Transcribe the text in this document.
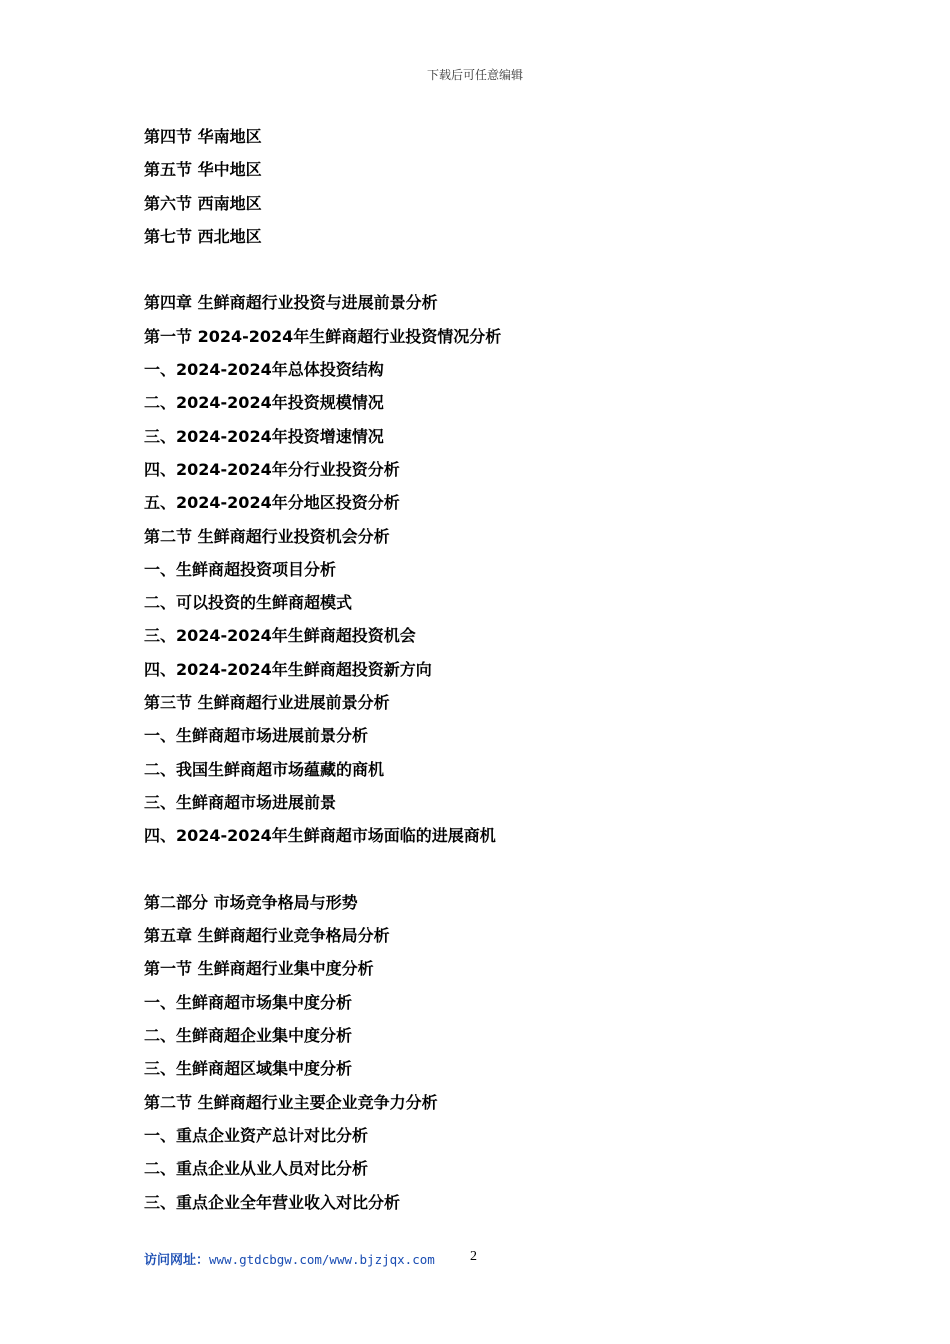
下载后可任意编辑
第四节 华南地区
第五节 华中地区
第六节 西南地区
第七节 西北地区
第四章 生鲜商超行业投资与进展前景分析
第一节 2024-2024年生鲜商超行业投资情况分析
一、2024-2024年总体投资结构
二、2024-2024年投资规模情况
三、2024-2024年投资增速情况
四、2024-2024年分行业投资分析
五、2024-2024年分地区投资分析
第二节 生鲜商超行业投资机会分析
一、生鲜商超投资项目分析
二、可以投资的生鲜商超模式
三、2024-2024年生鲜商超投资机会
四、2024-2024年生鲜商超投资新方向
第三节 生鲜商超行业进展前景分析
一、生鲜商超市场进展前景分析
二、我国生鲜商超市场蕴藏的商机
三、生鲜商超市场进展前景
四、2024-2024年生鲜商超市场面临的进展商机
第二部分 市场竞争格局与形势
第五章 生鲜商超行业竞争格局分析
第一节 生鲜商超行业集中度分析
一、生鲜商超市场集中度分析
二、生鲜商超企业集中度分析
三、生鲜商超区域集中度分析
第二节 生鲜商超行业主要企业竞争力分析
一、重点企业资产总计对比分析
二、重点企业从业人员对比分析
三、重点企业全年营业收入对比分析
访问网址：www.gtdcbgw.com/www.bjzjqx.com	2
